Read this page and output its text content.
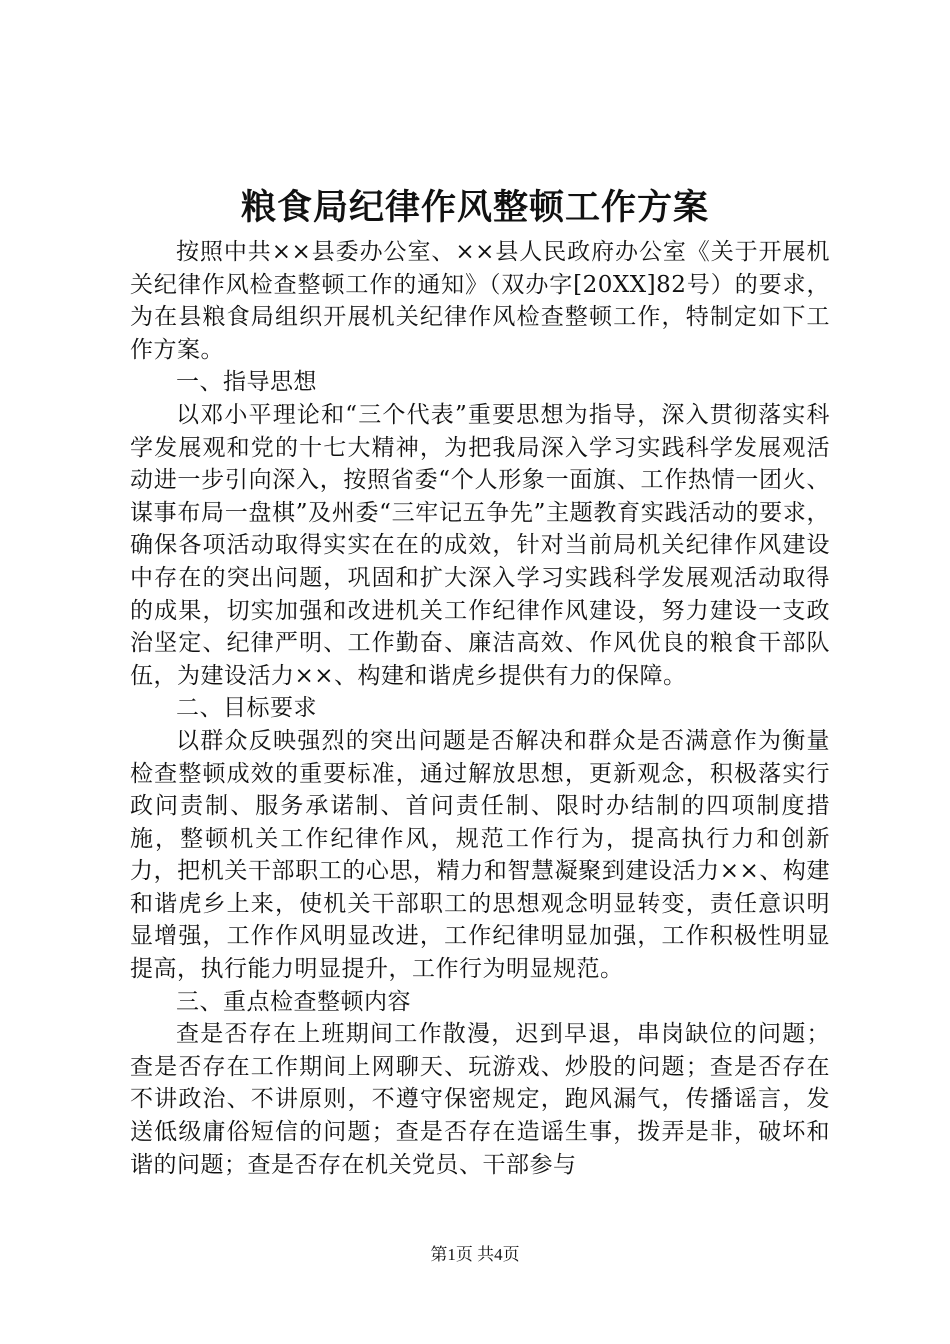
粮食局纪律作风整顿工作方案

按照中共××县委办公室、××县人民政府办公室《关于开展机关纪律作风检查整顿工作的通知》（双办字[20XX]82号）的要求，为在县粮食局组织开展机关纪律作风检查整顿工作，特制定如下工作方案。

一、指导思想

以邓小平理论和“三个代表”重要思想为指导，深入贯彻落实科学发展观和党的十七大精神，为把我局深入学习实践科学发展观活动进一步引向深入，按照省委“个人形象一面旗、工作热情一团火、谋事布局一盘棋”及州委“三牢记五争先”主题教育实践活动的要求，确保各项活动取得实实在在的成效，针对当前局机关纪律作风建设中存在的突出问题，巩固和扩大深入学习实践科学发展观活动取得的成果，切实加强和改进机关工作纪律作风建设，努力建设一支政治坚定、纪律严明、工作勤奋、廉洁高效、作风优良的粮食干部队伍，为建设活力××、构建和谐虎乡提供有力的保障。

二、目标要求

以群众反映强烈的突出问题是否解决和群众是否满意作为衡量检查整顿成效的重要标准，通过解放思想，更新观念，积极落实行政问责制、服务承诺制、首问责任制、限时办结制的四项制度措施，整顿机关工作纪律作风，规范工作行为，提高执行力和创新力，把机关干部职工的心思，精力和智慧凝聚到建设活力××、构建和谐虎乡上来，使机关干部职工的思想观念明显转变，责任意识明显增强，工作作风明显改进，工作纪律明显加强，工作积极性明显提高，执行能力明显提升，工作行为明显规范。

三、重点检查整顿内容

查是否存在上班期间工作散漫，迟到早退，串岗缺位的问题；查是否存在工作期间上网聊天、玩游戏、炒股的问题；查是否存在不讲政治、不讲原则，不遵守保密规定，跑风漏气，传播谣言，发送低级庸俗短信的问题；查是否存在造谣生事，拨弄是非，破坏和谐的问题；查是否存在机关党员、干部参与

第1页 共4页
